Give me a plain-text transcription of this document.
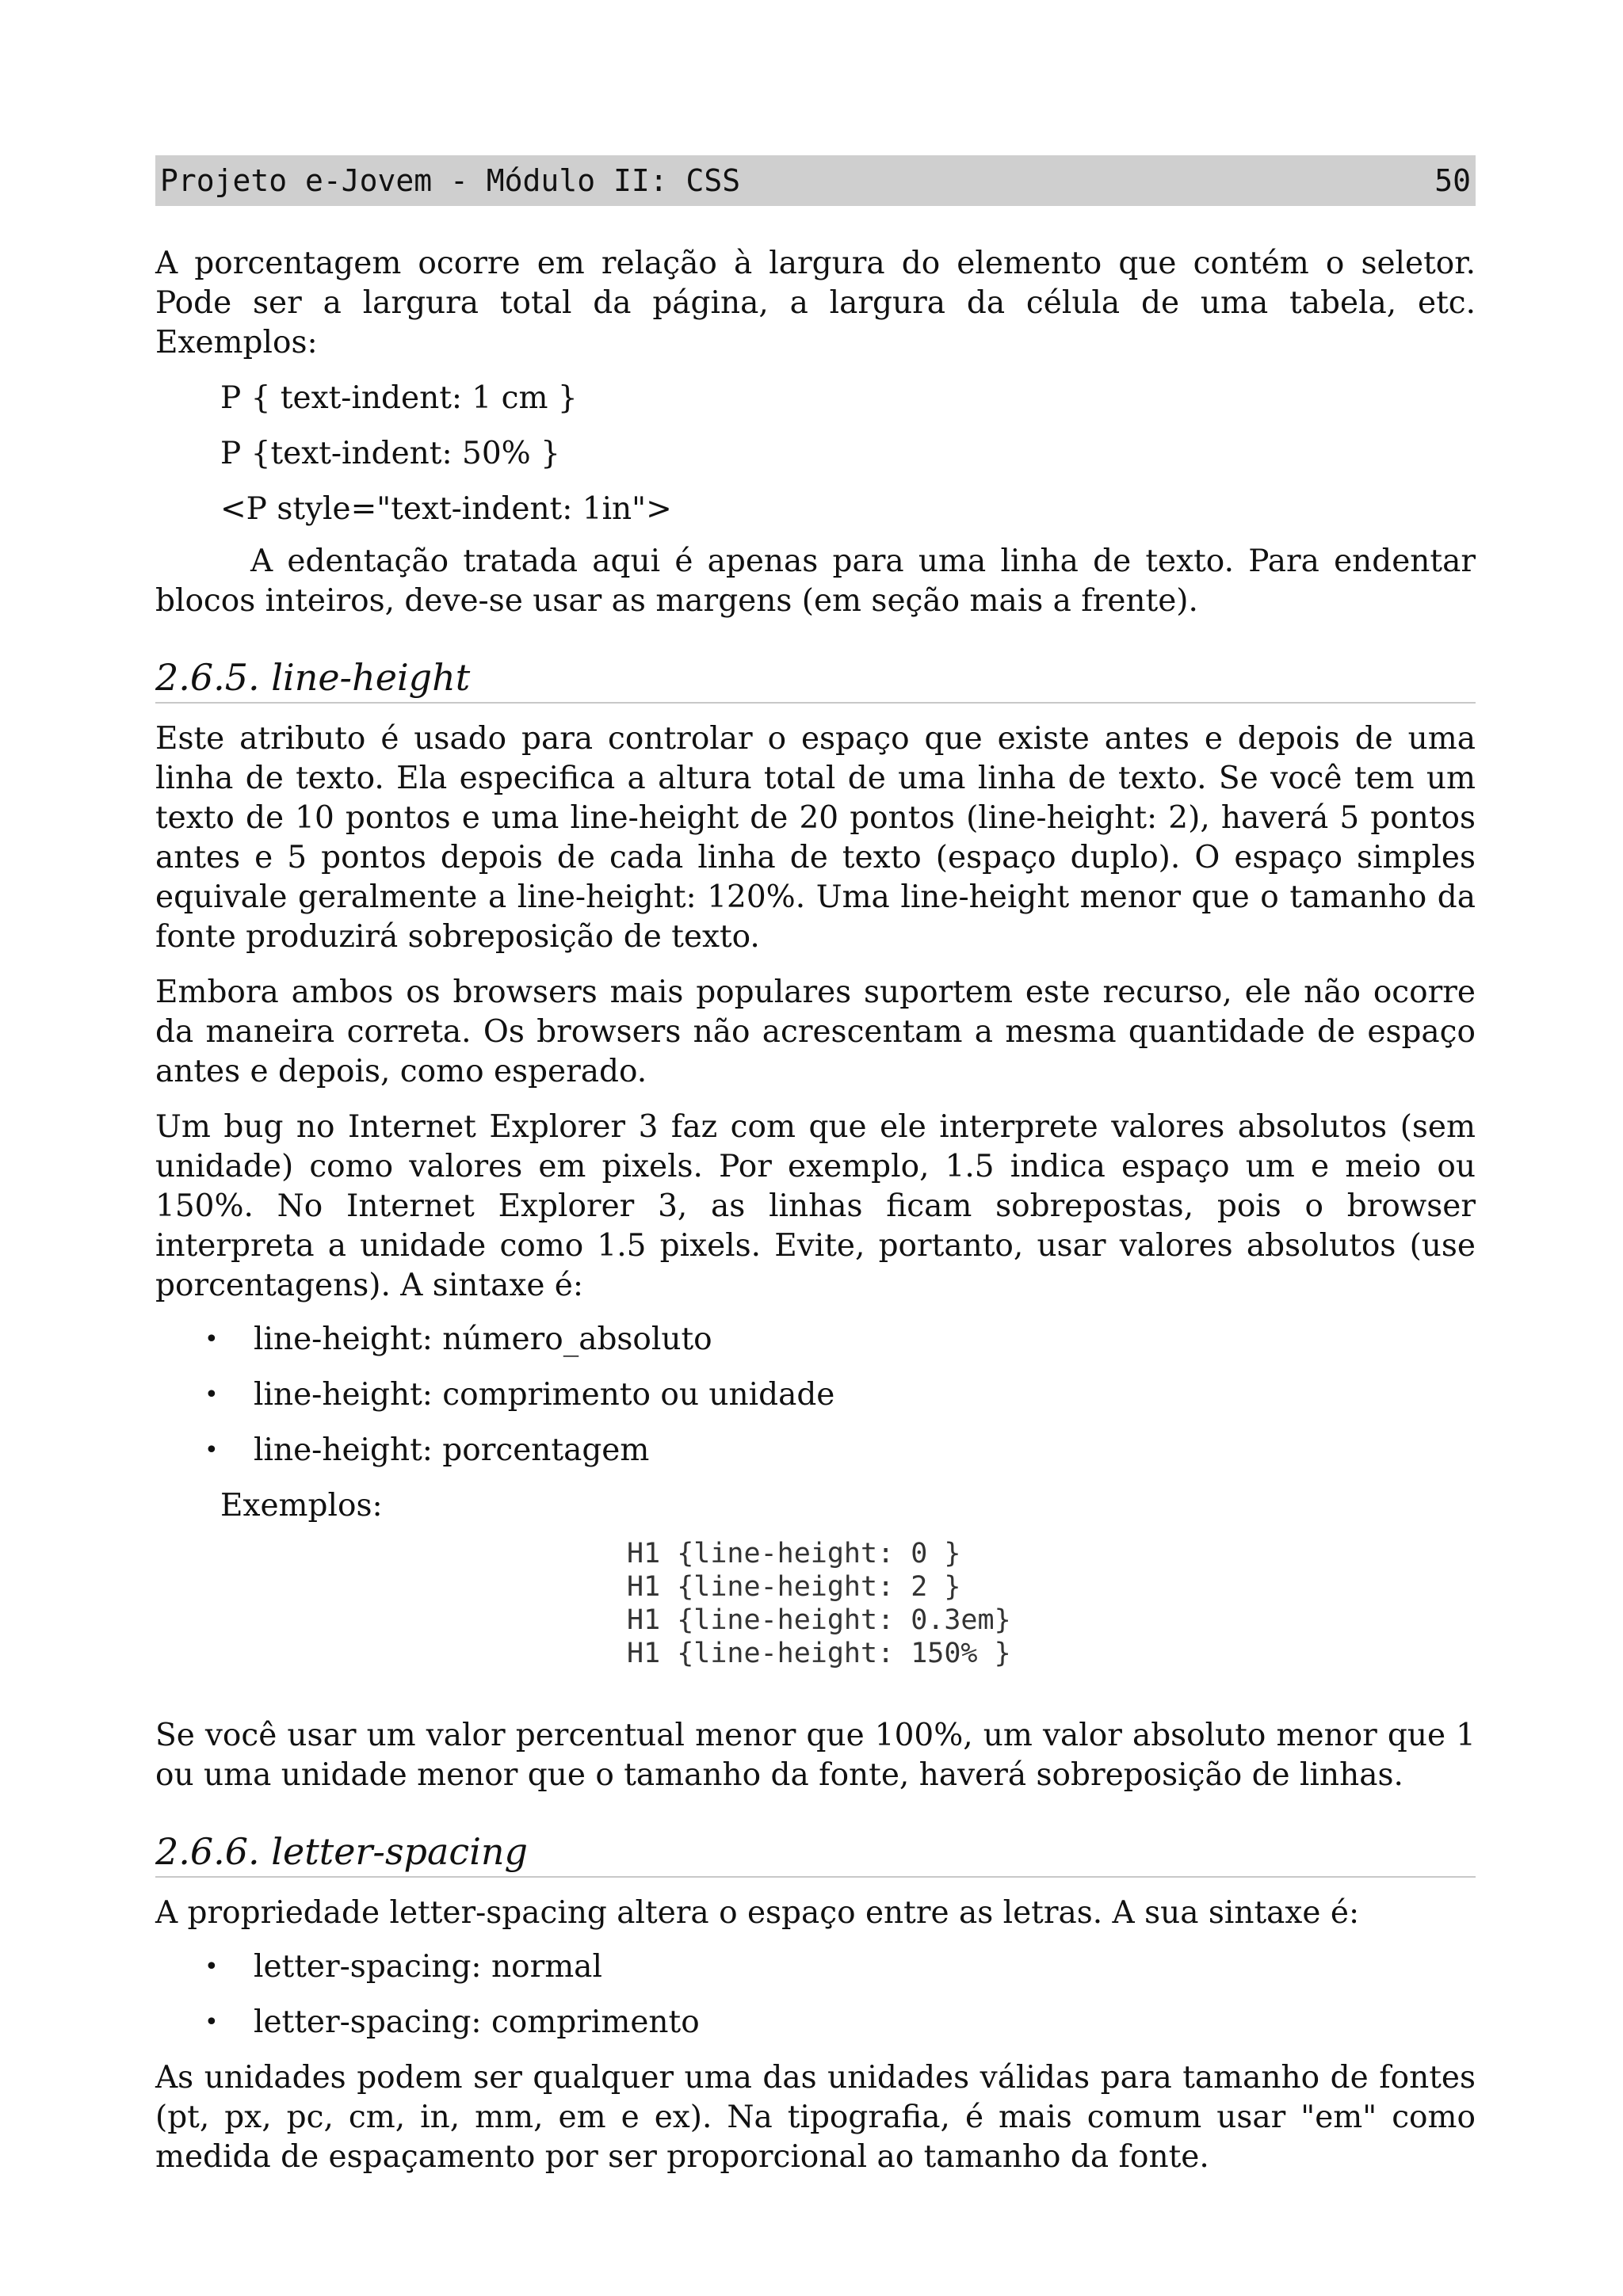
Projeto e-Jovem - Módulo II: CSS	50

A porcentagem ocorre em relação à largura do elemento que contém o seletor. Pode ser a largura total da página, a largura da célula de uma tabela, etc. Exemplos:

P { text-indent: 1 cm }

P {text-indent: 50% }

<P style="text-indent: 1in">

A edentação tratada aqui é apenas para uma linha de texto. Para endentar blocos inteiros, deve-se usar as margens (em seção mais a frente).

2.6.5. line-height

Este atributo é usado para controlar o espaço que existe antes e depois de uma linha de texto. Ela especifica a altura total de uma linha de texto. Se você tem um texto de 10 pontos e uma line-height de 20 pontos (line-height: 2), haverá 5 pontos antes e 5 pontos depois de cada linha de texto (espaço duplo). O espaço simples equivale geralmente a line-height: 120%. Uma line-height menor que o tamanho da fonte produzirá sobreposição de texto.

Embora ambos os browsers mais populares suportem este recurso, ele não ocorre da maneira correta. Os browsers não acrescentam a mesma quantidade de espaço antes e depois, como esperado.

Um bug no Internet Explorer 3 faz com que ele interprete valores absolutos (sem unidade) como valores em pixels. Por exemplo, 1.5 indica espaço um e meio ou 150%. No Internet Explorer 3, as linhas ficam sobrepostas, pois o browser interpreta a unidade como 1.5 pixels. Evite, portanto, usar valores absolutos (use porcentagens). A sintaxe é:

• line-height: número_absoluto
• line-height: comprimento ou unidade
• line-height: porcentagem

Exemplos:

H1 {line-height: 0 }
H1 {line-height: 2 }
H1 {line-height: 0.3em}
H1 {line-height: 150% }

Se você usar um valor percentual menor que 100%, um valor absoluto menor que 1 ou uma unidade menor que o tamanho da fonte, haverá sobreposição de linhas.

2.6.6. letter-spacing

A propriedade letter-spacing altera o espaço entre as letras. A sua sintaxe é:

• letter-spacing: normal
• letter-spacing: comprimento

As unidades podem ser qualquer uma das unidades válidas para tamanho de fontes (pt, px, pc, cm, in, mm, em e ex). Na tipografia, é mais comum usar "em" como medida de espaçamento por ser proporcional ao tamanho da fonte.
